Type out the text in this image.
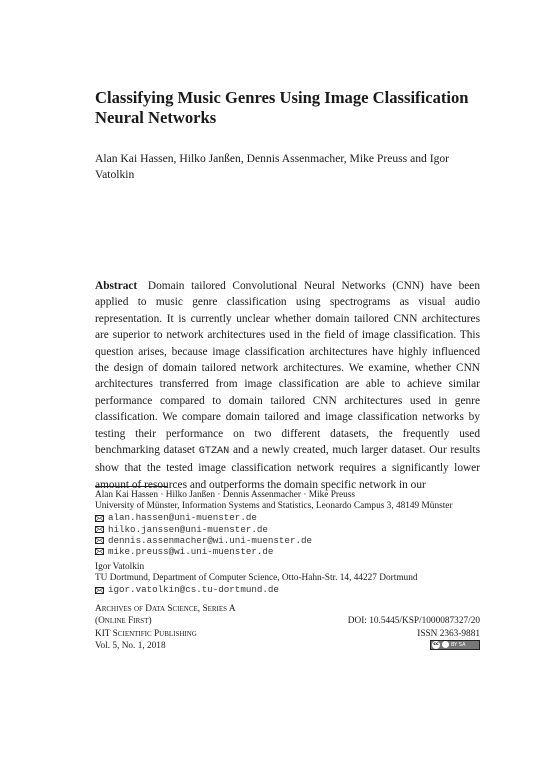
Classifying Music Genres Using Image Classification
Neural Networks
Alan Kai Hassen, Hilko Janßen, Dennis Assenmacher, Mike Preuss and Igor
Vatolkin

Abstract Domain tailored Convolutional Neural Networks (CNN) have been applied to music genre classification using spectrograms as visual audio representation. It is currently unclear whether domain tailored CNN architectures are superior to network architectures used in the field of image classification. This question arises, because image classification architectures have highly influenced the design of domain tailored network architectures. We examine, whether CNN architectures transferred from image classification are able to achieve similar performance compared to domain tailored CNN architectures used in genre classification. We compare domain tailored and image classification networks by testing their performance on two different datasets, the frequently used benchmarking dataset GTZAN and a newly created, much larger dataset. Our results show that the tested image classification network requires a significantly lower amount of resources and outperforms the domain specific network in our

Alan Kai Hassen · Hilko Janßen · Dennis Assenmacher · Mike Preuss
University of Münster, Information Systems and Statistics, Leonardo Campus 3, 48149 Münster
alan.hassen@uni-muenster.de
hilko.janssen@uni-muenster.de
dennis.assenmacher@wi.uni-muenster.de
mike.preuss@wi.uni-muenster.de
Igor Vatolkin
TU Dortmund, Department of Computer Science, Otto-Hahn-Str. 14, 44227 Dortmund
igor.vatolkin@cs.tu-dortmund.de
Archives of Data Science, Series A
(Online First)	DOI: 10.5445/KSP/1000087327/20
KIT Scientific Publishing	ISSN 2363-9881
Vol. 5, No. 1, 2018	cc BY SA
